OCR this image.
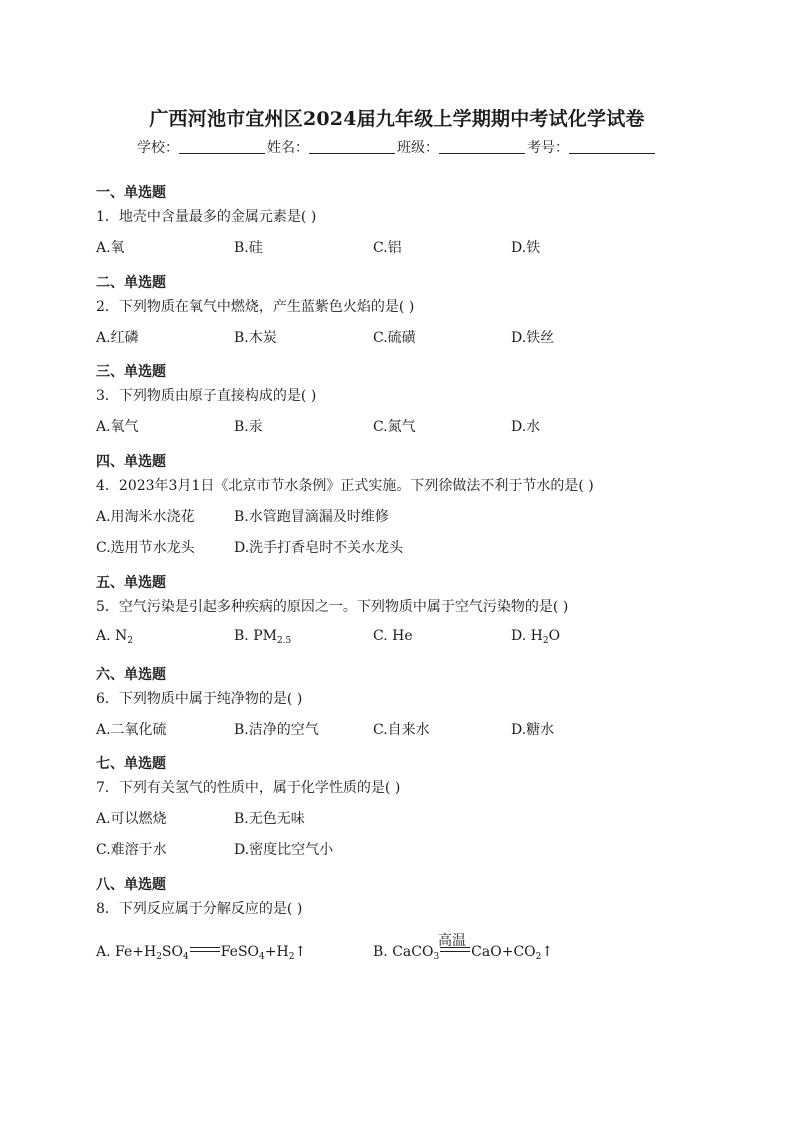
广西河池市宜州区2024届九年级上学期期中考试化学试卷
学校：	姓名：	班级：	考号：
一、单选题
1．地壳中含量最多的金属元素是( )
A.氧	B.硅	C.铝	D.铁
二、单选题
2．下列物质在氧气中燃烧，产生蓝紫色火焰的是( )
A.红磷	B.木炭	C.硫磺	D.铁丝
三、单选题
3．下列物质由原子直接构成的是( )
A.氧气	B.汞	C.氮气	D.水
四、单选题
4．2023年3月1日《北京市节水条例》正式实施。下列徐做法不利于节水的是( )
A.用淘米水浇花	B.水管跑冒滴漏及时维修
C.选用节水龙头	D.洗手打香皂时不关水龙头
五、单选题
5．空气污染是引起多种疾病的原因之一。下列物质中属于空气污染物的是( )
A. $N_2$	B. $PM_{2.5}$	C. He	D. $H_2O$
六、单选题
6．下列物质中属于纯净物的是( )
A.二氧化硫	B.洁净的空气	C.自来水	D.糖水
七、单选题
7．下列有关氢气的性质中，属于化学性质的是( )
A.可以燃烧	B.无色无味
C.难溶于水	D.密度比空气小
八、单选题
8．下列反应属于分解反应的是( )
A. $Fe+H_2SO_4$ $FeSO_4+H_2↑$
高温
B. CaCO$_3$ $CaO+CO_2↑$
